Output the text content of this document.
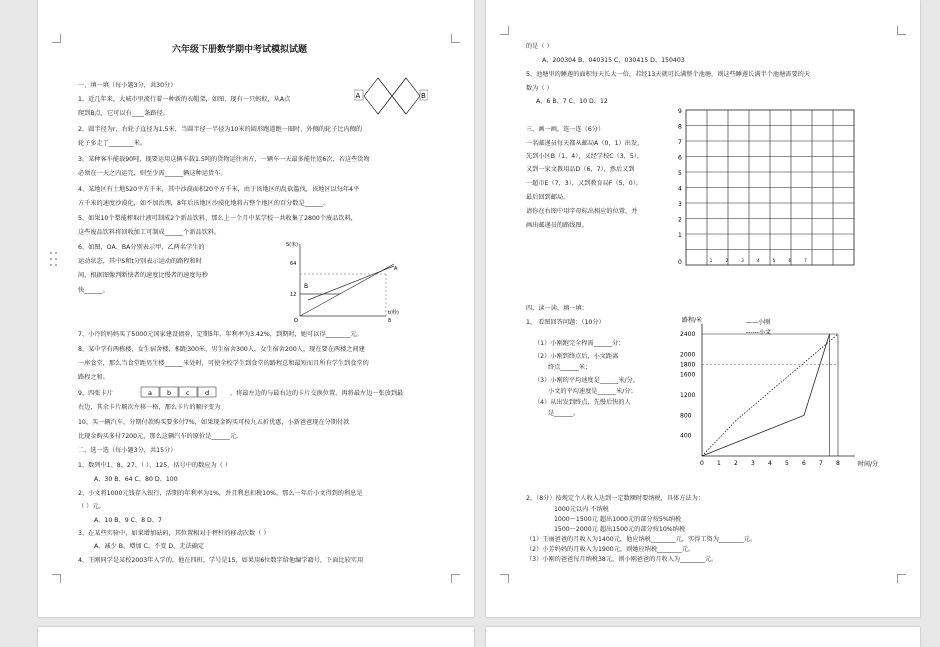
六年级下册数学期中考试模拟试题
一、填一填（每小题3分，共30分）
1、近几年来，大城市里流行着一种新的衣帽架，如图，现有一只蚂蚁，从A点
爬到B点，它可以有____条路径。
2、圆半径为r，右轮子直径为1.5米，当圆半径一半径为10米的圆形跑道跑一圈时，外侧的轮子比内侧的
轮子多走了________米。
3、某种客车能载90吨，现要运用这辆车载1.5吨的货物运往南方，一辆车一天最多能往返6次，若这些货物
必须在一天之内运完，则至少需______辆这种运货车。
4、某地区有土地520平方千米，其中沙漠面积20平方千米，由于该地区的乱砍滥伐，该地区以每年4平
方千米的速度沙漠化，如不加治理，8年后该地区沙漠化地将占整个地区的百分数是______。
5、如果10个梨能榨取汁液可制成2个新品饮料，那么上一个月中某学校一共收集了2800个废品饮料，
这些废品饮料将回收加工可制成______个新品饮料。
6、如图，OA、BA分别表示甲、乙两名学生的
运动状态，其中S和t分别表示运动的路程和时
间，根据图像判断快者的速度比慢者的速度每秒
快______。
7、小丹的妈妈买了5000元国家建设债券，定期5年，年利率为3.42%，到期时，她可以得________元。
8、某中学有两栋楼，女生宿舍楼，相距300米，男生宿舍300人，女生宿舍200人，现在要在两楼之间建
一座食堂，那么当食堂距男生楼______米处时，可使全校学生到食堂的路程总和最短而且所有学生到食堂的
路程之和。
9、四张卡片	，将最左边的与最右边的卡片交换位置，再将最左边一张放到最
右边，其余卡片顺次左移一格，那么卡片的顺序变为
10、买一辆汽车，分期付款购买要多付7%，如果现金购买可按九五折优惠，小新爸爸现在分期付款
比现金购买多付7200元，那么这辆汽车的原价是______元。
二、选一选（每小题3分，共15分）
1、数列中1、8、27、（ ）、125，括号中的数应为（ ）
A、30 B、64 C、80 D、100
2、小文将1000元钱存入银行，活期的年利率为1%，并且利息扣税10%，那么一年后小文得到的利息是
（ ）元。
A、10 B、9 C、8 D、7
3、在某些实验中，如果增加砝码，其位置相对于秤杆的移动次数（ ）
A、减少 B、增加 C、不变 D、无法确定
4、王刚同学是某校2003年入学的，他在四班，学号是15，如果用6位数字给他编学籍号，下面比较实用
A	B
a b c d
S(米)
t(秒)
64
12
8
O
A
B
的是（ ）
A、200304 B、040315 C、030415 D、150403
5、池塘里的睡莲的面积每天长大一倍，若经13天就可长满整个池塘，则这些睡莲长满半个池塘需要的天
数为（ ）
A、6 B、7 C、10 D、12
三、画一画，连一连（6分）
一名邮递员每天都从邮局A（0，1）出发，
先到小区B（1，4），又经学校C（3，5），
又到一家文教用品D（6，7），然后又到
一超市E（7，3），又到教育局F（5，0），
最后回到邮局。
请你在右图中用字母标出相应的位置，并
画出邮递员的路线图。
四、读一读、填一填：
1、 看图回答问题：（10分）
（1）小刚跑完全程需______分；
（2）小刚到终点后，小文距离
终点______米；
（3）小刚的平均速度是______米/分，
小文的平均速度是______米/分；
（4）从出发到终点，先慢后快的人
是______。
2、（8分）按规定个人收入达到一定数额时要纳税，具体方法为：
1000元以内 不纳税
1000～1500元 超出1000元的部分按5%纳税
1500～2000元 超出1500元的部分按10%纳税
（1）王丽爸爸的月收入为1400元，他应纳税________元，实得工资为________元。
（2）小芳妈妈的月收入为1900元，则她应纳税________元。
（3）小刚的爸爸每月纳税38元，则小刚爸爸的月收入为________元。
0
1
2
3
4
5
6
7
8
9
1	2	3	4	5	6	7
路程/米	——小刚
------小文
2400
2000
1800
1600
1200
800
400
0 1 2 3 4 5 6 7 8	时间/分
